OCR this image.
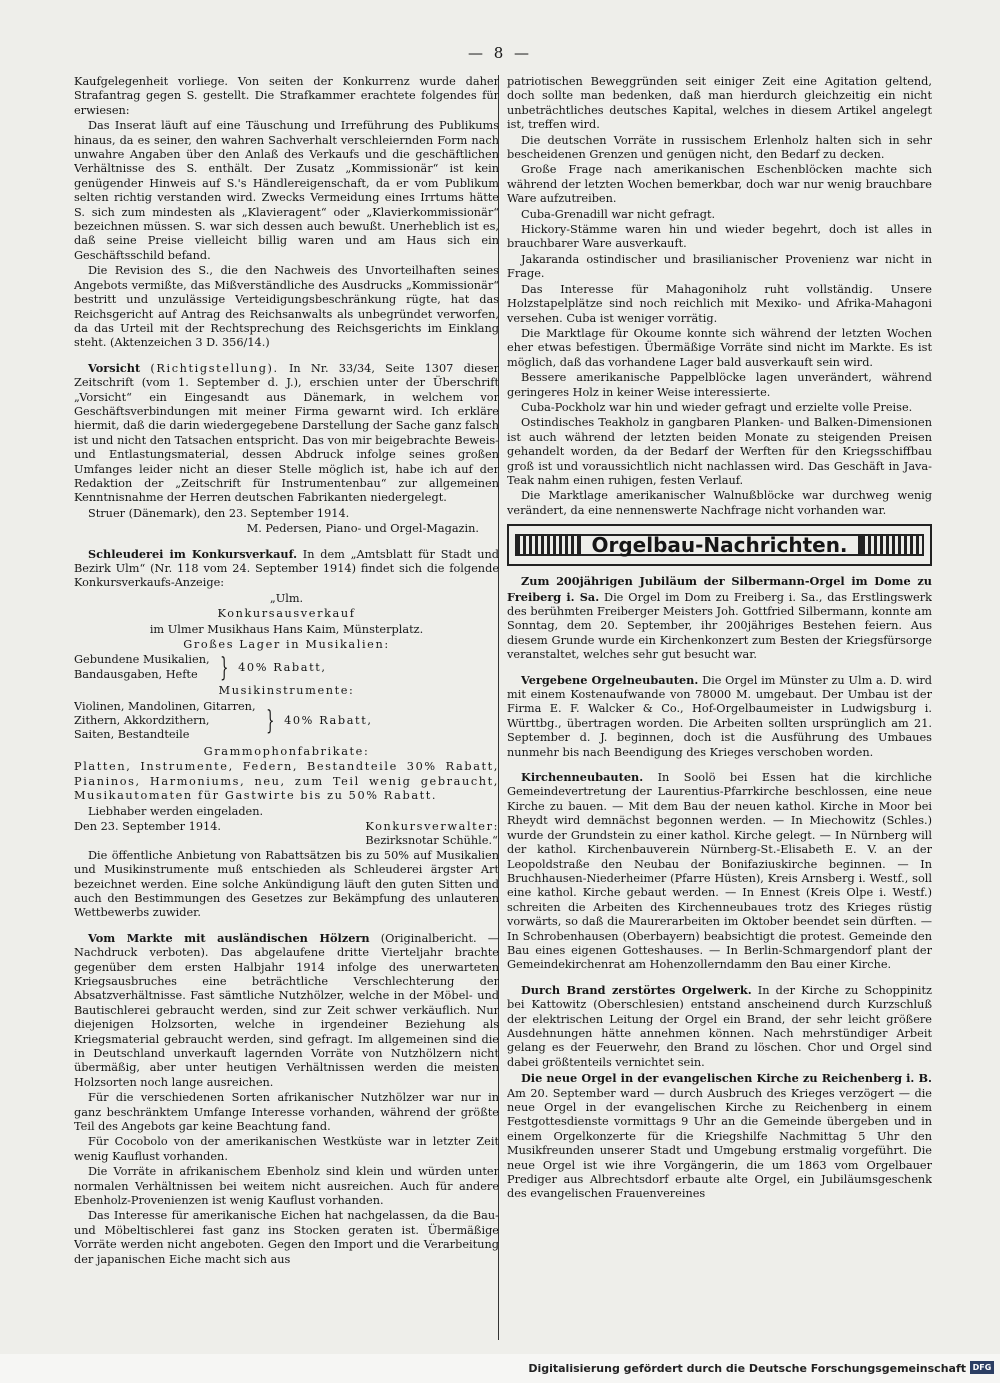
— 8 —

Kaufgelegenheit vorliege. Von seiten der Konkurrenz wurde daher Strafantrag gegen S. gestellt. Die Strafkammer erachtete folgendes für erwiesen:

Das Inserat läuft auf eine Täuschung und Irreführung des Publikums hinaus, da es seiner, den wahren Sachverhalt verschleiernden Form nach unwahre Angaben über den Anlaß des Verkaufs und die geschäftlichen Verhältnisse des S. enthält. Der Zusatz „Kommissionär“ ist kein genügender Hinweis auf S.'s Händlereigenschaft, da er vom Publikum selten richtig verstanden wird. Zwecks Vermeidung eines Irrtums hätte S. sich zum mindesten als „Klavieragent“ oder „Klavierkommissionär“ bezeichnen müssen. S. war sich dessen auch bewußt. Unerheblich ist es, daß seine Preise vielleicht billig waren und am Haus sich ein Geschäftsschild befand.

Die Revision des S., die den Nachweis des Unvorteilhaften seines Angebots vermißte, das Mißverständliche des Ausdrucks „Kommissionär“ bestritt und unzulässige Verteidigungsbeschränkung rügte, hat das Reichsgericht auf Antrag des Reichsanwalts als unbegründet verworfen, da das Urteil mit der Rechtsprechung des Reichsgerichts im Einklang steht. (Aktenzeichen 3 D. 356/14.)

Vorsicht (Richtigstellung). In Nr. 33/34, Seite 1307 dieser Zeitschrift (vom 1. September d. J.), erschien unter der Überschrift „Vorsicht“ ein Eingesandt aus Dänemark, in welchem vor Geschäftsverbindungen mit meiner Firma gewarnt wird. Ich erkläre hiermit, daß die darin wiedergegebene Darstellung der Sache ganz falsch ist und nicht den Tatsachen entspricht. Das von mir beigebrachte Beweis- und Entlastungsmaterial, dessen Abdruck infolge seines großen Umfanges leider nicht an dieser Stelle möglich ist, habe ich auf der Redaktion der „Zeitschrift für Instrumentenbau“ zur allgemeinen Kenntnisnahme der Herren deutschen Fabrikanten niedergelegt.

Struer (Dänemark), den 23. September 1914.

M. Pedersen, Piano- und Orgel-Magazin.

Schleuderei im Konkursverkauf. In dem „Amtsblatt für Stadt und Bezirk Ulm“ (Nr. 118 vom 24. September 1914) findet sich die folgende Konkursverkaufs-Anzeige:

„Ulm.

Konkursausverkauf

im Ulmer Musikhaus Hans Kaim, Münsterplatz.

Großes Lager in Musikalien:

Gebundene Musikalien,
Bandausgaben, Hefte } 40% Rabatt,

Musikinstrumente:

Violinen, Mandolinen, Gitarren,
Zithern, Akkordzithern,
Saiten, Bestandteile	} 40% Rabatt,

Grammophonfabrikate:

Platten, Instrumente, Federn, Bestandteile 30% Rabatt, Pianinos, Harmoniums, neu, zum Teil wenig gebraucht, Musikautomaten für Gastwirte bis zu 50% Rabatt.

Liebhaber werden eingeladen.

Den 23. September 1914.	Konkursverwalter:
Bezirksnotar Schühle.“

Die öffentliche Anbietung von Rabattsätzen bis zu 50% auf Musikalien und Musikinstrumente muß entschieden als Schleuderei ärgster Art bezeichnet werden. Eine solche Ankündigung läuft den guten Sitten und auch den Bestimmungen des Gesetzes zur Bekämpfung des unlauteren Wettbewerbs zuwider.

Vom Markte mit ausländischen Hölzern (Originalbericht. — Nachdruck verboten). Das abgelaufene dritte Vierteljahr brachte gegenüber dem ersten Halbjahr 1914 infolge des unerwarteten Kriegsausbruches eine beträchtliche Verschlechterung der Absatzverhältnisse. Fast sämtliche Nutzhölzer, welche in der Möbel- und Bautischlerei gebraucht werden, sind zur Zeit schwer verkäuflich. Nur diejenigen Holzsorten, welche in irgendeiner Beziehung als Kriegsmaterial gebraucht werden, sind gefragt. Im allgemeinen sind die in Deutschland unverkauft lagernden Vorräte von Nutzhölzern nicht übermäßig, aber unter heutigen Verhältnissen werden die meisten Holzsorten noch lange ausreichen.

Für die verschiedenen Sorten afrikanischer Nutzhölzer war nur in ganz beschränktem Umfange Interesse vorhanden, während der größte Teil des Angebots gar keine Beachtung fand.

Für Cocobolo von der amerikanischen Westküste war in letzter Zeit wenig Kauflust vorhanden.

Die Vorräte in afrikanischem Ebenholz sind klein und würden unter normalen Verhältnissen bei weitem nicht ausreichen. Auch für andere Ebenholz-Provenienzen ist wenig Kauflust vorhanden.

Das Interesse für amerikanische Eichen hat nachgelassen, da die Bau- und Möbeltischlerei fast ganz ins Stocken geraten ist. Übermäßige Vorräte werden nicht angeboten. Gegen den Import und die Verarbeitung der japanischen Eiche macht sich aus

patriotischen Beweggründen seit einiger Zeit eine Agitation geltend, doch sollte man bedenken, daß man hierdurch gleichzeitig ein nicht unbeträchtliches deutsches Kapital, welches in diesem Artikel angelegt ist, treffen wird.

Die deutschen Vorräte in russischem Erlenholz halten sich in sehr bescheidenen Grenzen und genügen nicht, den Bedarf zu decken.

Große Frage nach amerikanischen Eschenblöcken machte sich während der letzten Wochen bemerkbar, doch war nur wenig brauchbare Ware aufzutreiben.

Cuba-Grenadill war nicht gefragt.

Hickory-Stämme waren hin und wieder begehrt, doch ist alles in brauchbarer Ware ausverkauft.

Jakaranda ostindischer und brasilianischer Provenienz war nicht in Frage.

Das Interesse für Mahagoniholz ruht vollständig. Unsere Holzstapelplätze sind noch reichlich mit Mexiko- und Afrika-Mahagoni versehen. Cuba ist weniger vorrätig.

Die Marktlage für Okoume konnte sich während der letzten Wochen eher etwas befestigen. Übermäßige Vorräte sind nicht im Markte. Es ist möglich, daß das vorhandene Lager bald ausverkauft sein wird.

Bessere amerikanische Pappelblöcke lagen unverändert, während geringeres Holz in keiner Weise interessierte.

Cuba-Pockholz war hin und wieder gefragt und erzielte volle Preise.

Ostindisches Teakholz in gangbaren Planken- und Balken-Dimensionen ist auch während der letzten beiden Monate zu steigenden Preisen gehandelt worden, da der Bedarf der Werften für den Kriegsschiffbau groß ist und voraussichtlich nicht nachlassen wird. Das Geschäft in Java-Teak nahm einen ruhigen, festen Verlauf.

Die Marktlage amerikanischer Walnußblöcke war durchweg wenig verändert, da eine nennenswerte Nachfrage nicht vorhanden war.

Orgelbau-Nachrichten.

Zum 200jährigen Jubiläum der Silbermann-Orgel im Dome zu Freiberg i. Sa. Die Orgel im Dom zu Freiberg i. Sa., das Erstlingswerk des berühmten Freiberger Meisters Joh. Gottfried Silbermann, konnte am Sonntag, dem 20. September, ihr 200jähriges Bestehen feiern. Aus diesem Grunde wurde ein Kirchenkonzert zum Besten der Kriegsfürsorge veranstaltet, welches sehr gut besucht war.

Vergebene Orgelneubauten. Die Orgel im Münster zu Ulm a. D. wird mit einem Kostenaufwande von 78000 M. umgebaut. Der Umbau ist der Firma E. F. Walcker & Co., Hof-Orgelbaumeister in Ludwigsburg i. Württbg., übertragen worden. Die Arbeiten sollten ursprünglich am 21. September d. J. beginnen, doch ist die Ausführung des Umbaues nunmehr bis nach Beendigung des Krieges verschoben worden.

Kirchenneubauten. In Soolö bei Essen hat die kirchliche Gemeindevertretung der Laurentius-Pfarrkirche beschlossen, eine neue Kirche zu bauen. — Mit dem Bau der neuen kathol. Kirche in Moor bei Rheydt wird demnächst begonnen werden. — In Miechowitz (Schles.) wurde der Grundstein zu einer kathol. Kirche gelegt. — In Nürnberg will der kathol. Kirchenbauverein Nürnberg-St.-Elisabeth E. V. an der Leopoldstraße den Neubau der Bonifaziuskirche beginnen. — In Bruchhausen-Niederheimer (Pfarre Hüsten), Kreis Arnsberg i. Westf., soll eine kathol. Kirche gebaut werden. — In Ennest (Kreis Olpe i. Westf.) schreiten die Arbeiten des Kirchenneubaues trotz des Krieges rüstig vorwärts, so daß die Maurerarbeiten im Oktober beendet sein dürften. — In Schrobenhausen (Oberbayern) beabsichtigt die protest. Gemeinde den Bau eines eigenen Gotteshauses. — In Berlin-Schmargendorf plant der Gemeindekirchenrat am Hohenzollerndamm den Bau einer Kirche.

Durch Brand zerstörtes Orgelwerk. In der Kirche zu Schoppinitz bei Kattowitz (Oberschlesien) entstand anscheinend durch Kurzschluß der elektrischen Leitung der Orgel ein Brand, der sehr leicht größere Ausdehnungen hätte annehmen können. Nach mehrstündiger Arbeit gelang es der Feuerwehr, den Brand zu löschen. Chor und Orgel sind dabei größtenteils vernichtet sein.

Die neue Orgel in der evangelischen Kirche zu Reichenberg i. B. Am 20. September ward — durch Ausbruch des Krieges verzögert — die neue Orgel in der evangelischen Kirche zu Reichenberg in einem Festgottesdienste vormittags 9 Uhr an die Gemeinde übergeben und in einem Orgelkonzerte für die Kriegshilfe Nachmittag 5 Uhr den Musikfreunden unserer Stadt und Umgebung erstmalig vorgeführt. Die neue Orgel ist wie ihre Vorgängerin, die um 1863 vom Orgelbauer Prediger aus Albrechtsdorf erbaute alte Orgel, ein Jubiläumsgeschenk des evangelischen Frauenvereines

Digitalisierung gefördert durch die Deutsche Forschungsgemeinschaft DFG
